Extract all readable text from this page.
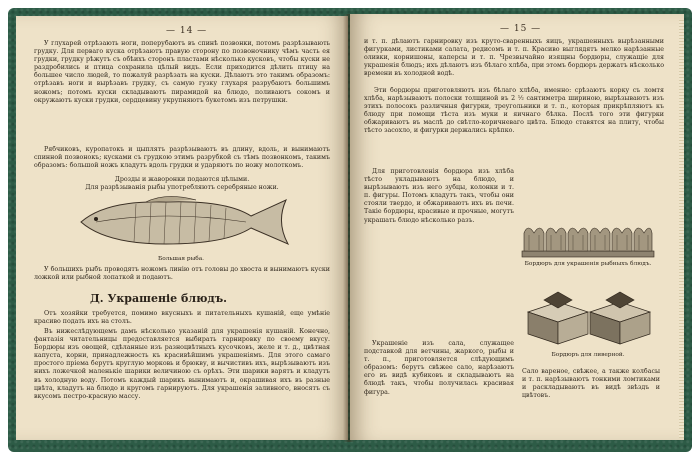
— 14 —

У глухарей отрѣзають ноги, поперубаютъ въ спинѣ позвонки, потомъ разрѣзывають грудку. Для перваго куска отрѣзаютъ правую сторону по позвоночнику чѣмъ часть ея грудки, грудку рѣжутъ съ обѣихъ сторонъ пластами нѣсколько кусковъ, чтобы куски не раздробились и птица сохранила цѣлый видъ. Если приходится дѣлить птицу на большее число людей, то пожалуй разрѣзать на куски. Дѣлаютъ это такимъ образомъ: отрѣзавъ ноги и вырѣзавъ грудку, съ самую гузку глухаря разрубаютъ большимъ ножомъ; потомъ куски складываютъ пирамидой на блюдо, поливаютъ сокомъ и окружаютъ куски грудки, сердцевину укрупняютъ букетомъ изъ петрушки.

Рябчиковъ, куропатокъ и цыплятъ разрѣзываютъ въ длину, вдоль, и вынимаютъ спинной позвонокъ; кусками съ грудкою этимъ разрубкой съ тѣмъ позвонкомъ, такимъ образомъ: большой ножъ кладутъ вдоль грудки и ударяютъ по ножу молоткомъ.

Дрозды и жаворонки подаются цѣлыми.

Для разрѣзыванія рыбы употребляютъ серебряные ножи.

Большая рыба.

У большихъ рыбъ проводятъ ножомъ линію отъ головы до хвоста и вынимаютъ куски ложкой или рыбной лопаткой и подаютъ.

Д. Украшеніе блюдъ.

Отъ хозяйки требуется, помимо вкусныхъ и питательныхъ кушаній, еще умѣніе красиво подать ихъ на столъ.

Въ нижеслѣдующемъ дамъ нѣсколько указаній для украшенія кушаній. Конечно, фантазія читательницы предоставляется выбирать гарнировку по своему вкусу. Бордюры изъ овощей, сдѣланные изъ разноцвѣтныхъ кусочковъ, желе и т. д., цвѣтная капуста, корни, принадлежность къ красивѣйшимъ украшеніямъ. Для этого самаго простого пріема берутъ круглую морковь и брюкву, и вычистивъ ихъ, вырѣзываютъ изъ нихъ ложечкой маленькіе шарики величиною съ орѣхъ. Эти шарики варятъ и кладутъ въ холодную воду. Потомъ каждый шарикъ вынимаютъ и, окрашивая ихъ въ разные цвѣта, кладутъ на блюдо и кругомъ гарнируютъ. Для украшенія заливного, вносятъ съ вкусомъ пестро-красную массу.

— 15 —

и т. п. дѣлаютъ гарнировку изъ круто-сваренныхъ яицъ, украшенныхъ вырѣзанными фигурками, листиками салата, редисомъ и т. п. Красиво выглядятъ мелко нарѣзанные оливки, корнишоны, каперсы и т. п. Чрезвычайно изящны бордюры, служащіе для украшенія блюдъ; ихъ дѣлаютъ изъ бѣлаго хлѣба, при этомъ бордюръ держатъ нѣсколько времени въ холодной водѣ.

Эти бордюры приготовляютъ изъ бѣлаго хлѣба, именно: срѣзаютъ корку съ ломтя хлѣба, нарѣзываютъ полоски толщиной въ 2 ½ сантиметра шириною, вырѣзываютъ изъ этихъ полосокъ различныя фигурки, треугольники и т. п., которыя прикрѣпляютъ къ блюду при помощи тѣста изъ муки и яичнаго бѣлка. Послѣ того эти фигурки обжариваютъ въ маслѣ до свѣтло-коричневаго цвѣта. Блюдо ставятся на плиту, чтобы тѣсто засохло, и фигурки держались крѣпко.

Для приготовленія бордюра изъ хлѣба тѣсто укладываютъ на блюдо, и вырѣзываютъ изъ него зубцы, колонки и т. п. фигуры. Потомъ кладутъ такъ, чтобы они стояли твердо, и обжариваютъ ихъ въ печи. Такіе бордюры, красивые и прочные, могутъ украшать блюдо нѣсколько разъ.

Бордюръ для украшенія рыбныхъ блюдъ.

Украшеніе изъ сала, служащее подставкой для ветчины, жаркого, рыбы и т. п., приготовляется слѣдующимъ образомъ: берутъ свѣжее сало, нарѣзаютъ его въ видѣ кубиковъ и складываютъ на блюдѣ такъ, чтобы получилась красивая фигура.

Бордюръ для ливерной.

Сало вареное, свѣжее, а также колбасы и т. п. нарѣзываютъ тонкими ломтиками и раскладываютъ въ видѣ звѣздъ и цвѣтовъ.
